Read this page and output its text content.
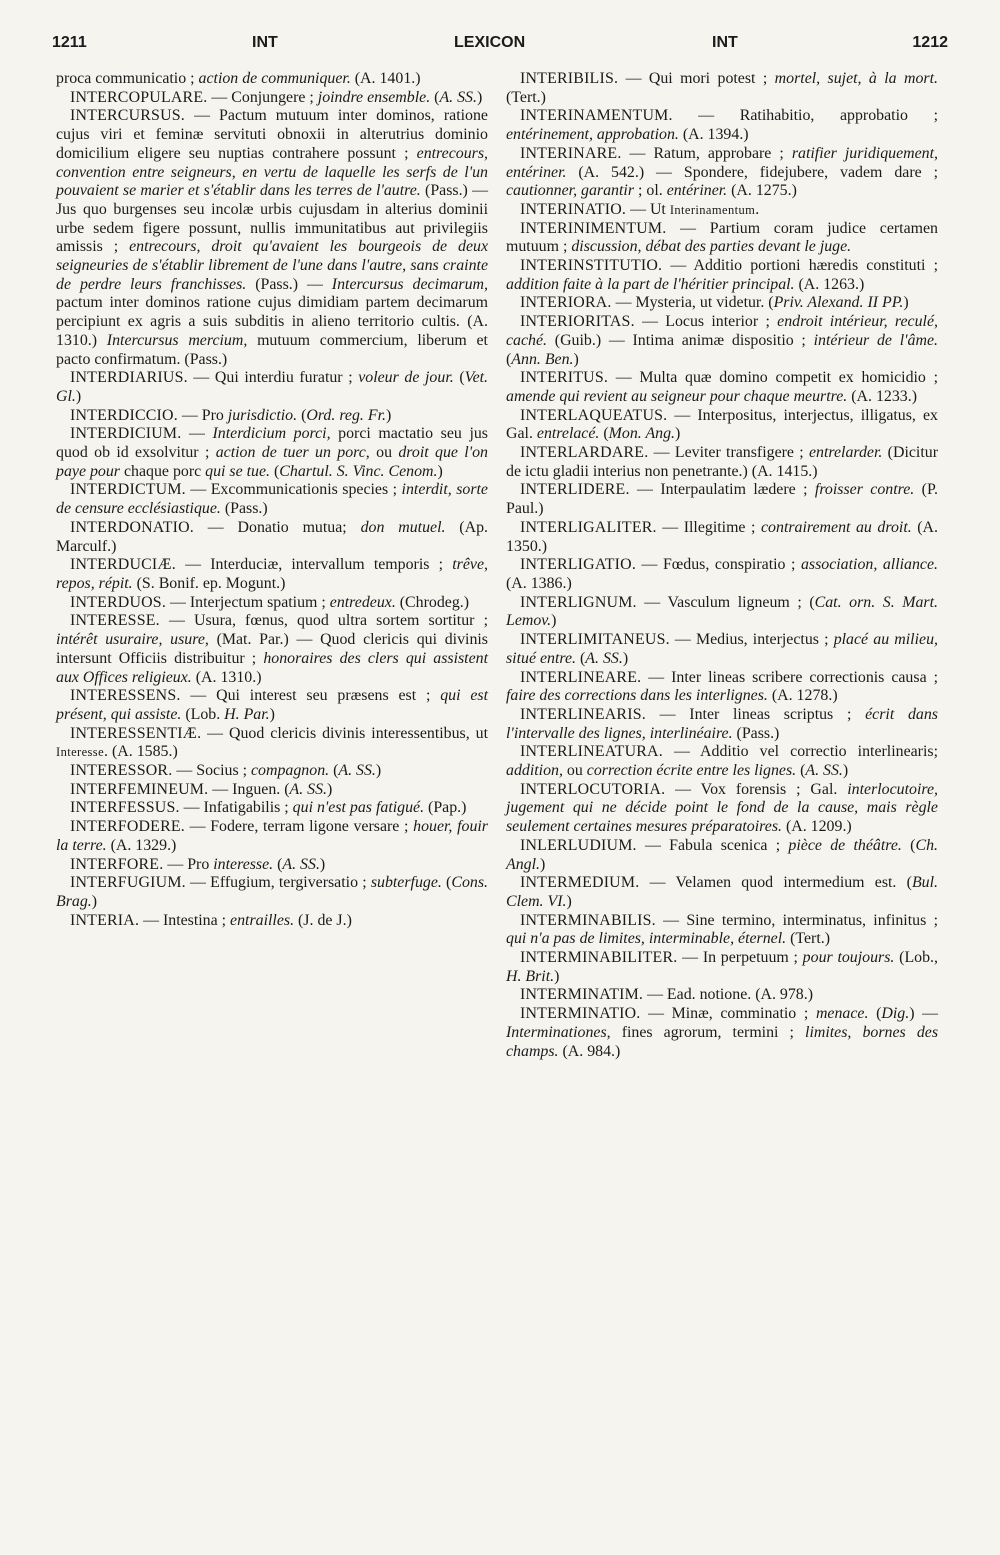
1211	INT	LEXICON	INT	1212

proca communicatio ; action de communiquer. (A. 1401.)

INTERCOPULARE. — Conjungere ; joindre ensemble. (A. SS.)

INTERCURSUS. — Pactum mutuum inter dominos, ratione cujus viri et feminæ servituti obnoxii in alterutrius dominio domicilium eligere seu nuptias contrahere possunt ; entrecours, convention entre seigneurs, en vertu de laquelle les serfs de l'un pouvaient se marier et s'établir dans les terres de l'autre. (Pass.) — Jus quo burgenses seu incolæ urbis cujusdam in alterius dominii urbe sedem figere possunt, nullis immunitatibus aut privilegiis amissis ; entrecours, droit qu'avaient les bourgeois de deux seigneuries de s'établir librement de l'une dans l'autre, sans crainte de perdre leurs franchisses. (Pass.) — Intercursus decimarum, pactum inter dominos ratione cujus dimidiam partem decimarum percipiunt ex agris a suis subditis in alieno territorio cultis. (A. 1310.) Intercursus mercium, mutuum commercium, liberum et pacto confirmatum. (Pass.)

INTERDIARIUS. — Qui interdiu furatur ; voleur de jour. (Vet. Gl.)

INTERDICCIO. — Pro jurisdictio. (Ord. reg. Fr.)

INTERDICIUM. — Interdicium porci, porci mactatio seu jus quod ob id exsolvitur ; action de tuer un porc, ou droit que l'on paye pour chaque porc qui se tue. (Chartul. S. Vinc. Cenom.)

INTERDICTUM. — Excommunicationis species ; interdit, sorte de censure ecclésiastique. (Pass.)

INTERDONATIO. — Donatio mutua; don mutuel. (Ap. Marculf.)

INTERDUCIÆ. — Interduciæ, intervallum temporis ; trêve, repos, répit. (S. Bonif. ep. Mogunt.)

INTERDUOS. — Interjectum spatium ; entredeux. (Chrodeg.)

INTERESSE. — Usura, fœnus, quod ultra sortem sortitur ; intérêt usuraire, usure, (Mat. Par.) — Quod clericis qui divinis intersunt Officiis distribuitur ; honoraires des clers qui assistent aux Offices religieux. (A. 1310.)

INTERESSENS. — Qui interest seu præsens est ; qui est présent, qui assiste. (Lob. H. Par.)

INTERESSENTIÆ. — Quod clericis divinis interessentibus, ut Interesse. (A. 1585.)

INTERESSOR. — Socius ; compagnon. (A. SS.)

INTERFEMINEUM. — Inguen. (A. SS.)

INTERFESSUS. — Infatigabilis ; qui n'est pas fatigué. (Pap.)

INTERFODERE. — Fodere, terram ligone versare ; houer, fouir la terre. (A. 1329.)

INTERFORE. — Pro interesse. (A. SS.)

INTERFUGIUM. — Effugium, tergiversatio ; subterfuge. (Cons. Brag.)

INTERIA. — Intestina ; entrailles. (J. de J.)

INTERIBILIS. — Qui mori potest ; mortel, sujet, à la mort. (Tert.)

INTERINAMENTUM. — Ratihabitio, approbatio ; entérinement, approbation. (A. 1394.)

INTERINARE. — Ratum, approbare ; ratifier juridiquement, entériner. (A. 542.) — Spondere, fidejubere, vadem dare ; cautionner, garantir ; ol. entériner. (A. 1275.)

INTERINATIO. — Ut Interinamentum.

INTERINIMENTUM. — Partium coram judice certamen mutuum ; discussion, débat des parties devant le juge.

INTERINSTITUTIO. — Additio portioni hæredis constituti ; addition faite à la part de l'héritier principal. (A. 1263.)

INTERIORA. — Mysteria, ut videtur. (Priv. Alexand. II PP.)

INTERIORITAS. — Locus interior ; endroit intérieur, reculé, caché. (Guib.) — Intima animæ dispositio ; intérieur de l'âme. (Ann. Ben.)

INTERITUS. — Multa quæ domino competit ex homicidio ; amende qui revient au seigneur pour chaque meurtre. (A. 1233.)

INTERLAQUEATUS. — Interpositus, interjectus, illigatus, ex Gal. entrelacé. (Mon. Ang.)

INTERLARDARE. — Leviter transfigere ; entrelarder. (Dicitur de ictu gladii interius non penetrante.) (A. 1415.)

INTERLIDERE. — Interpaulatim lædere ; froisser contre. (P. Paul.)

INTERLIGALITER. — Illegitime ; contrairement au droit. (A. 1350.)

INTERLIGATIO. — Fœdus, conspiratio ; association, alliance. (A. 1386.)

INTERLIGNUM. — Vasculum ligneum ; (Cat. orn. S. Mart. Lemov.)

INTERLIMITANEUS. — Medius, interjectus ; placé au milieu, situé entre. (A. SS.)

INTERLINEARE. — Inter lineas scribere correctionis causa ; faire des corrections dans les interlignes. (A. 1278.)

INTERLINEARIS. — Inter lineas scriptus ; écrit dans l'intervalle des lignes, interlinéaire. (Pass.)

INTERLINEATURA. — Additio vel correctio interlinearis; addition, ou correction écrite entre les lignes. (A. SS.)

INTERLOCUTORIA. — Vox forensis ; Gal. interlocutoire, jugement qui ne décide point le fond de la cause, mais règle seulement certaines mesures préparatoires. (A. 1209.)

INLERLUDIUM. — Fabula scenica ; pièce de théâtre. (Ch. Angl.)

INTERMEDIUM. — Velamen quod intermedium est. (Bul. Clem. VI.)

INTERMINABILIS. — Sine termino, interminatus, infinitus ; qui n'a pas de limites, interminable, éternel. (Tert.)

INTERMINABILITER. — In perpetuum ; pour toujours. (Lob., H. Brit.)

INTERMINATIM. — Ead. notione. (A. 978.)

INTERMINATIO. — Minæ, comminatio ; menace. (Dig.) — Interminationes, fines agrorum, termini ; limites, bornes des champs. (A. 984.)
